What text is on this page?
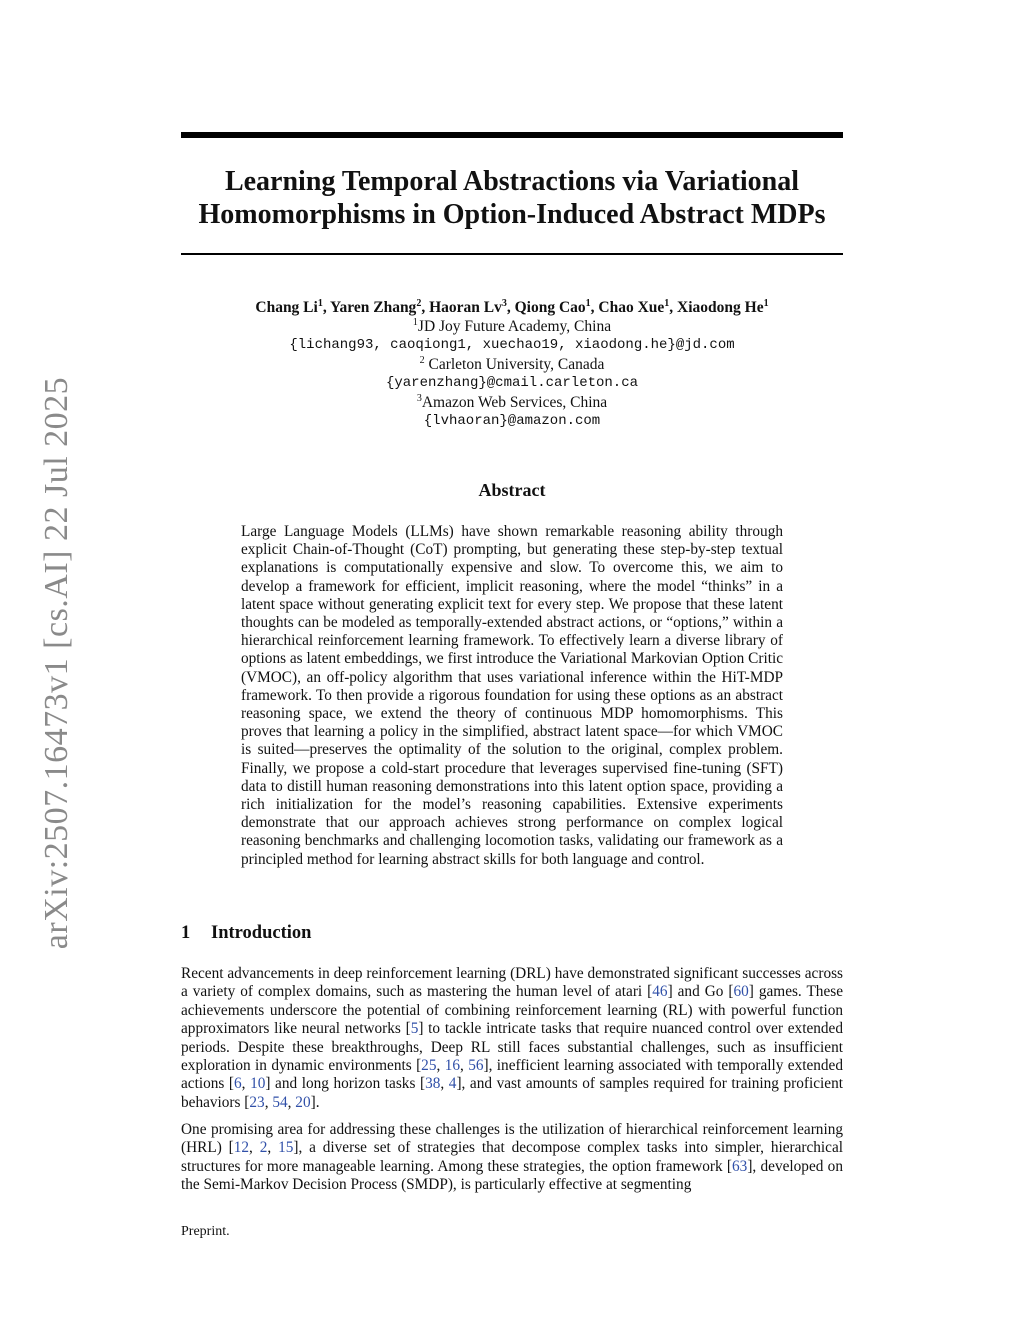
arXiv:2507.16473v1 [cs.AI] 22 Jul 2025
Learning Temporal Abstractions via Variational
Homomorphisms in Option-Induced Abstract MDPs
Chang Li$^1$, Yaren Zhang$^2$, Haoran Lv$^3$, Qiong Cao$^1$, Chao Xue$^1$, Xiaodong He$^1$
$^1$JD Joy Future Academy, China
{lichang93, caoqiong1, xuechao19, xiaodong.he}@jd.com
$^2$ Carleton University, Canada
{yarenzhang}@cmail.carleton.ca
$^3$Amazon Web Services, China
{lvhaoran}@amazon.com
Abstract

Large Language Models (LLMs) have shown remarkable reasoning ability through explicit Chain-of-Thought (CoT) prompting, but generating these step-by-step textual explanations is computationally expensive and slow. To overcome this, we aim to develop a framework for efficient, implicit reasoning, where the model “thinks” in a latent space without generating explicit text for every step. We propose that these latent thoughts can be modeled as temporally-extended abstract actions, or “options,” within a hierarchical reinforcement learning framework. To effectively learn a diverse library of options as latent embeddings, we first introduce the Variational Markovian Option Critic (VMOC), an off-policy algorithm that uses variational inference within the HiT-MDP framework. To then provide a rigorous foundation for using these options as an abstract reasoning space, we extend the theory of continuous MDP homomorphisms. This proves that learning a policy in the simplified, abstract latent space—for which VMOC is suited—preserves the optimality of the solution to the original, complex problem. Finally, we propose a cold-start procedure that leverages supervised fine-tuning (SFT) data to distill human reasoning demonstrations into this latent option space, providing a rich initialization for the model’s reasoning capabilities. Extensive experiments demonstrate that our approach achieves strong performance on complex logical reasoning benchmarks and challenging locomotion tasks, validating our framework as a principled method for learning abstract skills for both language and control.

1 Introduction

Recent advancements in deep reinforcement learning (DRL) have demonstrated significant successes across a variety of complex domains, such as mastering the human level of atari [46] and Go [60] games. These achievements underscore the potential of combining reinforcement learning (RL) with powerful function approximators like neural networks [5] to tackle intricate tasks that require nuanced control over extended periods. Despite these breakthroughs, Deep RL still faces substantial challenges, such as insufficient exploration in dynamic environments [25, 16, 56], inefficient learning associated with temporally extended actions [6, 10] and long horizon tasks [38, 4], and vast amounts of samples required for training proficient behaviors [23, 54, 20].

One promising area for addressing these challenges is the utilization of hierarchical reinforcement learning (HRL) [12, 2, 15], a diverse set of strategies that decompose complex tasks into simpler, hierarchical structures for more manageable learning. Among these strategies, the option framework [63], developed on the Semi-Markov Decision Process (SMDP), is particularly effective at segmenting

Preprint.
